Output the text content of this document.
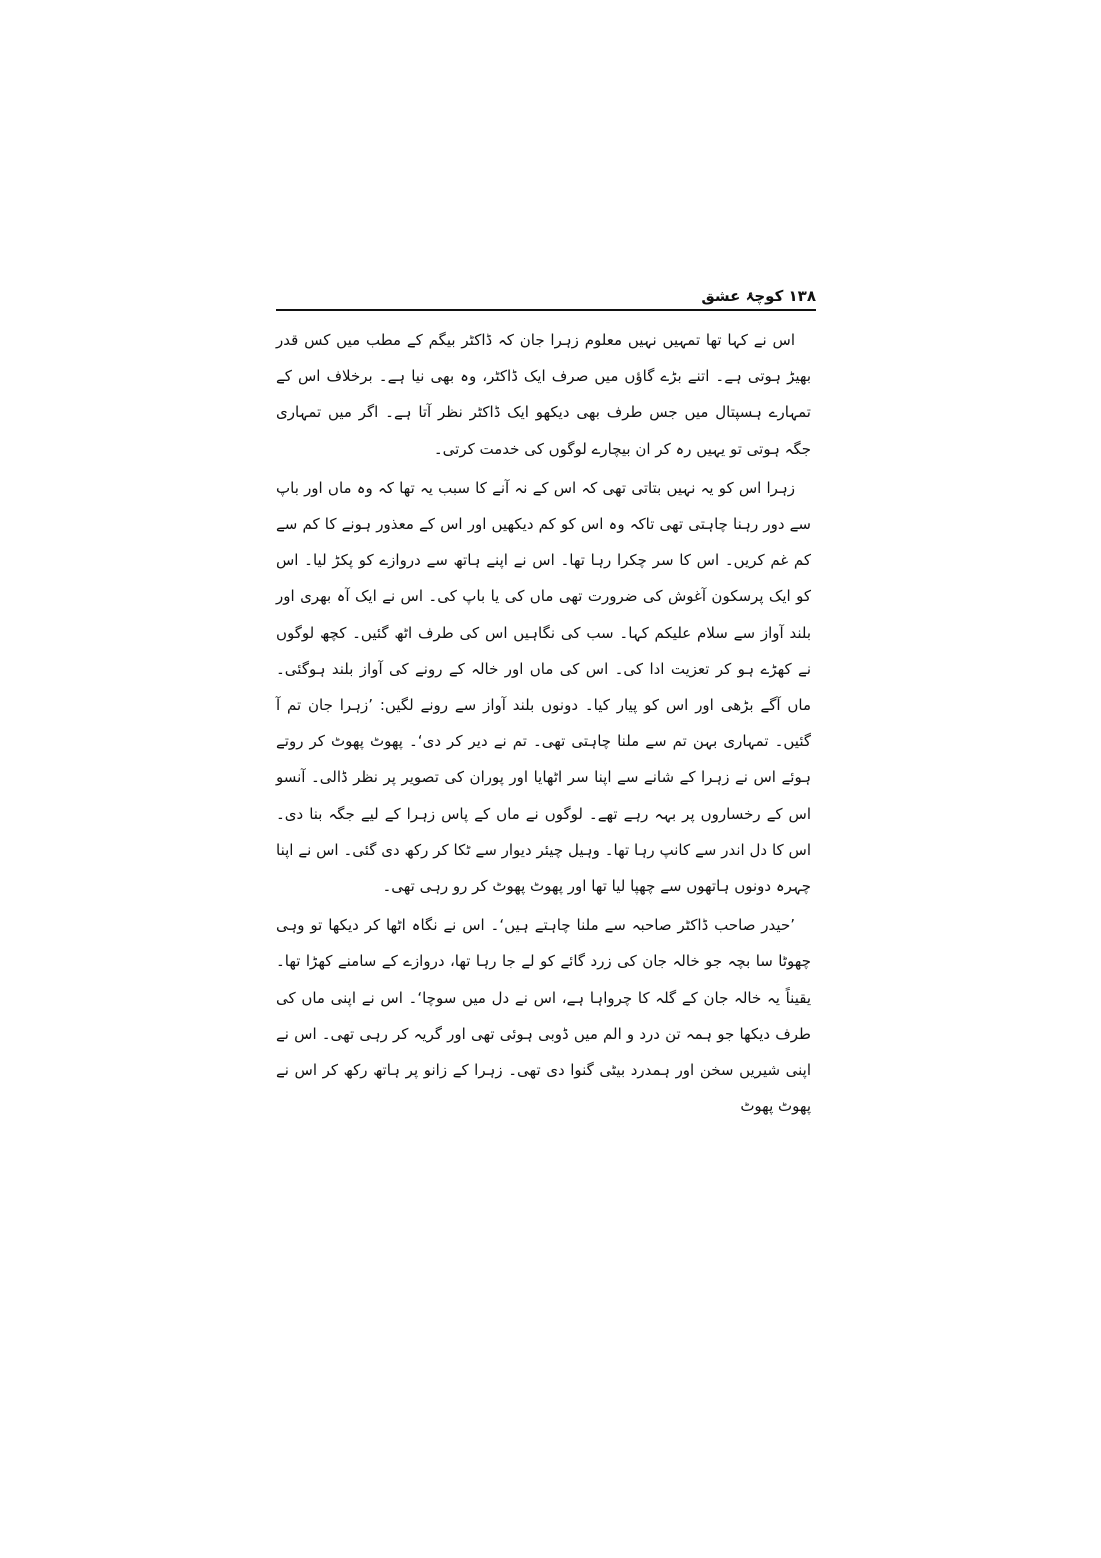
۱۳۸ کوچۂ عشق

اس نے کہا تھا تمہیں نہیں معلوم زہرا جان کہ ڈاکٹر بیگم کے مطب میں کس قدر بھیڑ ہوتی ہے۔ اتنے بڑے گاؤں میں صرف ایک ڈاکٹر، وہ بھی نیا ہے۔ برخلاف اس کے تمہارے ہسپتال میں جس طرف بھی دیکھو ایک ڈاکٹر نظر آتا ہے۔ اگر میں تمہاری جگہ ہوتی تو یہیں رہ کر ان بیچارے لوگوں کی خدمت کرتی۔

زہرا اس کو یہ نہیں بتاتی تھی کہ اس کے نہ آنے کا سبب یہ تھا کہ وہ ماں اور باپ سے دور رہنا چاہتی تھی تاکہ وہ اس کو کم دیکھیں اور اس کے معذور ہونے کا کم سے کم غم کریں۔ اس کا سر چکرا رہا تھا۔ اس نے اپنے ہاتھ سے دروازے کو پکڑ لیا۔ اس کو ایک پرسکون آغوش کی ضرورت تھی ماں کی یا باپ کی۔ اس نے ایک آہ بھری اور بلند آواز سے سلام علیکم کہا۔ سب کی نگاہیں اس کی طرف اٹھ گئیں۔ کچھ لوگوں نے کھڑے ہو کر تعزیت ادا کی۔ اس کی ماں اور خالہ کے رونے کی آواز بلند ہوگئی۔ ماں آگے بڑھی اور اس کو پیار کیا۔ دونوں بلند آواز سے رونے لگیں: ’زہرا جان تم آ گئیں۔ تمہاری بہن تم سے ملنا چاہتی تھی۔ تم نے دیر کر دی‘۔ پھوٹ پھوٹ کر روتے ہوئے اس نے زہرا کے شانے سے اپنا سر اٹھایا اور پوران کی تصویر پر نظر ڈالی۔ آنسو اس کے رخساروں پر بہہ رہے تھے۔ لوگوں نے ماں کے پاس زہرا کے لیے جگہ بنا دی۔ اس کا دل اندر سے کانپ رہا تھا۔ وہیل چیئر دیوار سے ٹکا کر رکھ دی گئی۔ اس نے اپنا چہرہ دونوں ہاتھوں سے چھپا لیا تھا اور پھوٹ پھوٹ کر رو رہی تھی۔

’حیدر صاحب ڈاکٹر صاحبہ سے ملنا چاہتے ہیں‘۔ اس نے نگاہ اٹھا کر دیکھا تو وہی چھوٹا سا بچہ جو خالہ جان کی زرد گائے کو لے جا رہا تھا، دروازے کے سامنے کھڑا تھا۔ یقیناً یہ خالہ جان کے گلہ کا چرواہا ہے، اس نے دل میں سوچا‘۔ اس نے اپنی ماں کی طرف دیکھا جو ہمہ تن درد و الم میں ڈوبی ہوئی تھی اور گریہ کر رہی تھی۔ اس نے اپنی شیریں سخن اور ہمدرد بیٹی گنوا دی تھی۔ زہرا کے زانو پر ہاتھ رکھ کر اس نے پھوٹ پھوٹ
